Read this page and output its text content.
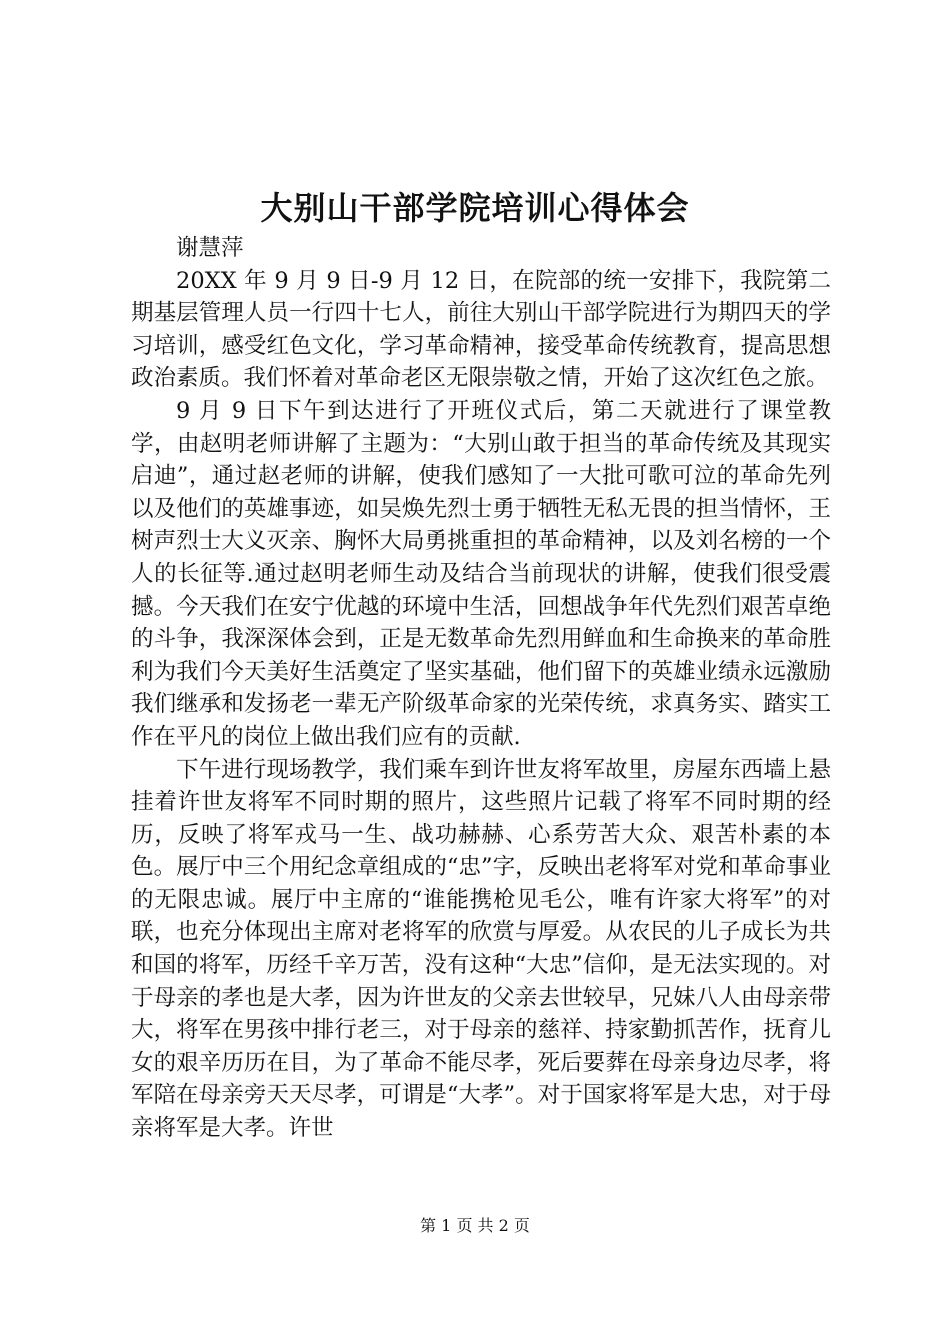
大别山干部学院培训心得体会

谢慧萍

20XX 年 9 月 9 日-9 月 12 日，在院部的统一安排下，我院第二期基层管理人员一行四十七人，前往大别山干部学院进行为期四天的学习培训，感受红色文化，学习革命精神，接受革命传统教育，提高思想政治素质。我们怀着对革命老区无限崇敬之情，开始了这次红色之旅。

9 月 9 日下午到达进行了开班仪式后，第二天就进行了课堂教学，由赵明老师讲解了主题为：“大别山敢于担当的革命传统及其现实启迪”，通过赵老师的讲解，使我们感知了一大批可歌可泣的革命先列以及他们的英雄事迹，如吴焕先烈士勇于牺牲无私无畏的担当情怀，王树声烈士大义灭亲、胸怀大局勇挑重担的革命精神，以及刘名榜的一个人的长征等.通过赵明老师生动及结合当前现状的讲解，使我们很受震撼。今天我们在安宁优越的环境中生活，回想战争年代先烈们艰苦卓绝的斗争，我深深体会到，正是无数革命先烈用鲜血和生命换来的革命胜利为我们今天美好生活奠定了坚实基础，他们留下的英雄业绩永远激励我们继承和发扬老一辈无产阶级革命家的光荣传统，求真务实、踏实工作在平凡的岗位上做出我们应有的贡献.

下午进行现场教学，我们乘车到许世友将军故里，房屋东西墙上悬挂着许世友将军不同时期的照片，这些照片记载了将军不同时期的经历，反映了将军戎马一生、战功赫赫、心系劳苦大众、艰苦朴素的本色。展厅中三个用纪念章组成的“忠”字，反映出老将军对党和革命事业的无限忠诚。展厅中主席的“谁能携枪见毛公，唯有许家大将军”的对联，也充分体现出主席对老将军的欣赏与厚爱。从农民的儿子成长为共和国的将军，历经千辛万苦，没有这种“大忠”信仰，是无法实现的。对于母亲的孝也是大孝，因为许世友的父亲去世较早，兄妹八人由母亲带大，将军在男孩中排行老三，对于母亲的慈祥、持家勤抓苦作，抚育儿女的艰辛历历在目，为了革命不能尽孝，死后要葬在母亲身边尽孝，将军陪在母亲旁天天尽孝，可谓是“大孝”。对于国家将军是大忠，对于母亲将军是大孝。许世

第 1 页 共 2 页
